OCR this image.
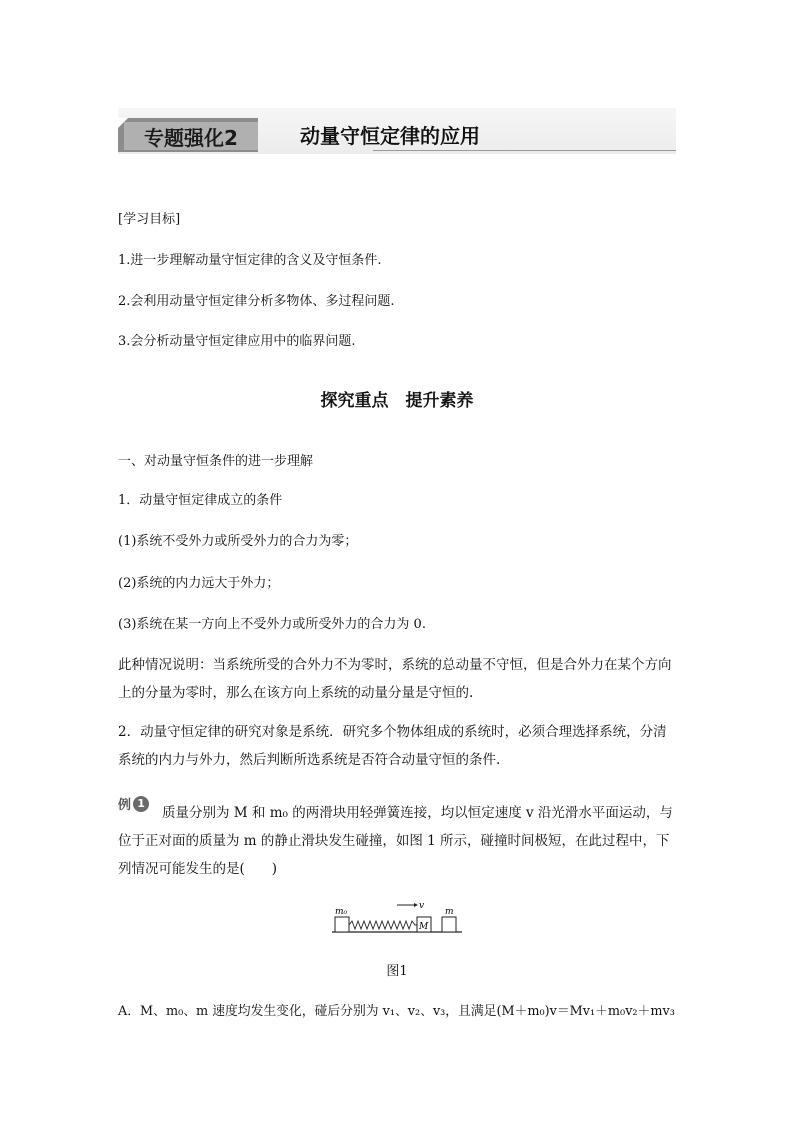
专题强化2	动量守恒定律的应用
[学习目标]
1.进一步理解动量守恒定律的含义及守恒条件.
2.会利用动量守恒定律分析多物体、多过程问题.
3.会分析动量守恒定律应用中的临界问题.
探究重点　提升素养
一、对动量守恒条件的进一步理解
1．动量守恒定律成立的条件
(1)系统不受外力或所受外力的合力为零；
(2)系统的内力远大于外力；
(3)系统在某一方向上不受外力或所受外力的合力为 0.
此种情况说明：当系统所受的合外力不为零时，系统的总动量不守恒，但是合外力在某个方向上的分量为零时，那么在该方向上系统的动量分量是守恒的.
2．动量守恒定律的研究对象是系统．研究多个物体组成的系统时，必须合理选择系统，分清系统的内力与外力，然后判断所选系统是否符合动量守恒的条件.
例 1
质量分别为 M 和 m₀ 的两滑块用轻弹簧连接，均以恒定速度 v 沿光滑水平面运动，与位于正对面的质量为 m 的静止滑块发生碰撞，如图 1 所示，碰撞时间极短，在此过程中，下列情况可能发生的是(　　)
m₀
v
M
m
图1
A．M、m₀、m 速度均发生变化，碰后分别为 v₁、v₂、v₃，且满足(M＋m₀)v＝Mv₁＋m₀v₂＋mv₃
